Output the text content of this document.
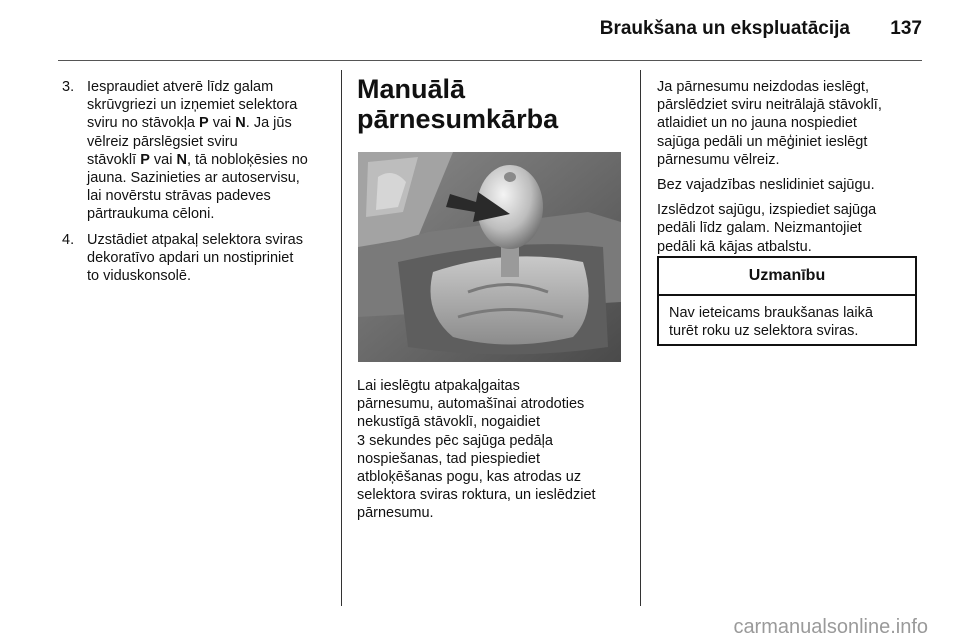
Braukšana un ekspluatācija	137
3. Iespraudiet atverē līdz galam
skrūvgriezi un izņemiet selektora
sviru no stāvokļa P vai N. Ja jūs
vēlreiz pārslēgsiet sviru
stāvoklī P vai N, tā nobloķēsies no
jauna. Sazinieties ar autoservisu,
lai novērstu strāvas padeves
pārtraukuma cēloni.
4. Uzstādiet atpakaļ selektora sviras
dekoratīvo apdari un nostipriniet
to viduskonsolē.
Manuālā
pārnesumkārba
Lai ieslēgtu atpakaļgaitas
pārnesumu, automašīnai atrodoties
nekustīgā stāvoklī, nogaidiet
3 sekundes pēc sajūga pedāļa
nospiešanas, tad piespiediet
atbloķēšanas pogu, kas atrodas uz
selektora sviras roktura, un ieslēdziet
pārnesumu.

Ja pārnesumu neizdodas ieslēgt,
pārslēdziet sviru neitrālajā stāvoklī,
atlaidiet un no jauna nospiediet
sajūga pedāli un mēģiniet ieslēgt
pārnesumu vēlreiz.

Bez vajadzības neslidiniet sajūgu.

Izslēdzot sajūgu, izspiediet sajūga
pedāli līdz galam. Neizmantojiet
pedāli kā kājas atbalstu.

Uzmanību
Nav ieteicams braukšanas laikā
turēt roku uz selektora sviras.
carmanualsonline.info
